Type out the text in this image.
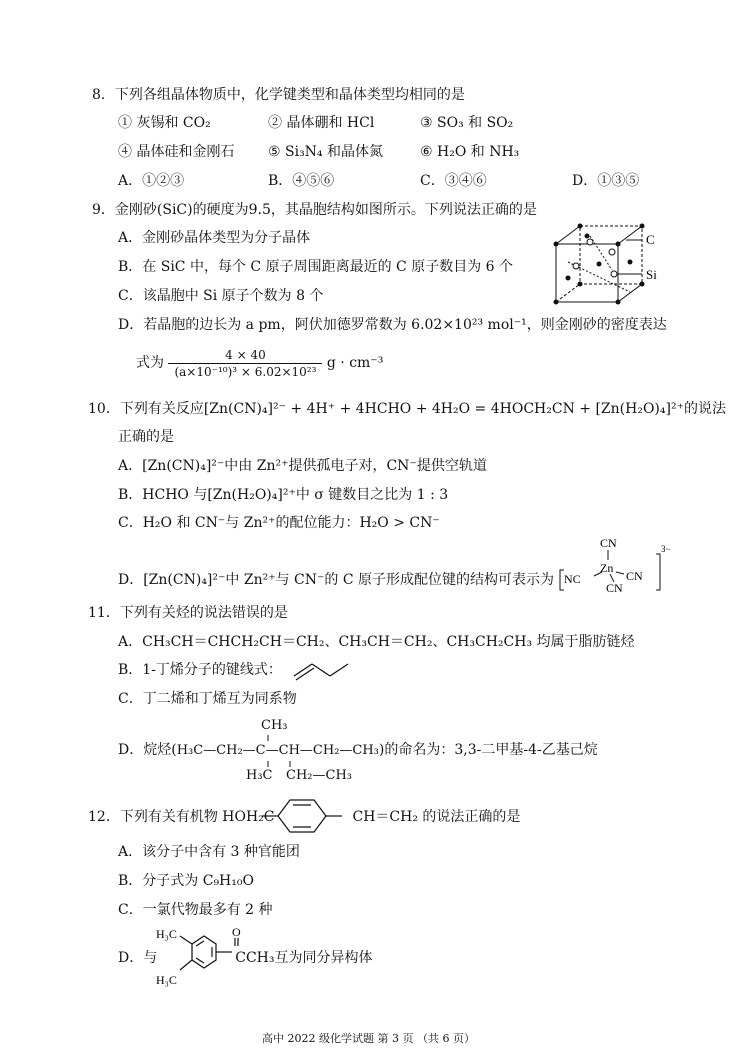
8．下列各组晶体物质中，化学键类型和晶体类型均相同的是
① 灰锡和 CO₂	② 晶体硼和 HCl	③ SO₃ 和 SO₂
④ 晶体硅和金刚石 ⑤ Si₃N₄ 和晶体氮	⑥ H₂O 和 NH₃
A．①②③	B．④⑤⑥	C．③④⑥	D．①③⑤
9．金刚砂(SiC)的硬度为9.5，其晶胞结构如图所示。下列说法正确的是
A．金刚砂晶体类型为分子晶体
B．在 SiC 中，每个 C 原子周围距离最近的 C 原子数目为 6 个
C．该晶胞中 Si 原子个数为 8 个
D．若晶胞的边长为 a pm，阿伏加德罗常数为 6.02×10²³ mol⁻¹，则金刚砂的密度表达
式为 $\frac{4 \times 40}{\text{(a×10⁻¹⁰)³ × 6.02×10²³}}$ g · cm⁻³
C
Si
10．下列有关反应[Zn(CN)₄]²⁻ + 4H⁺ + 4HCHO + 4H₂O = 4HOCH₂CN + [Zn(H₂O)₄]²⁺的说法
正确的是
A．[Zn(CN)₄]²⁻中由 Zn²⁺提供孤电子对，CN⁻提供空轨道
B．HCHO 与[Zn(H₂O)₄]²⁺中 σ 键数目之比为 1 : 3
C．H₂O 和 CN⁻与 Zn²⁺的配位能力：H₂O > CN⁻
D．[Zn(CN)₄]²⁻中 Zn²⁺与 CN⁻的 C 原子形成配位键的结构可表示为
CN
Zn
NC	CN
CN
3−
11．下列有关烃的说法错误的是
A．CH₃CH＝CHCH₂CH＝CH₂、CH₃CH＝CH₂、CH₃CH₂CH₃ 均属于脂肪链烃
B．1-丁烯分子的键线式：
C．丁二烯和丁烯互为同系物
D．烷烃(H₃C—CH₂—C—CH—CH₂—CH₃)的命名为：3,3-二甲基-4-乙基己烷
CH₃
H₃C CH₂—CH₃
12．下列有关有机物 HOH₂C	CH＝CH₂ 的说法正确的是
A．该分子中含有 3 种官能团
B．分子式为 C₉H₁₀O
C．一氯代物最多有 2 种
D．与	CCH₃互为同分异构体
H₃C
H₃C
O
高中 2022 级化学试题 第 3 页 （共 6 页）
